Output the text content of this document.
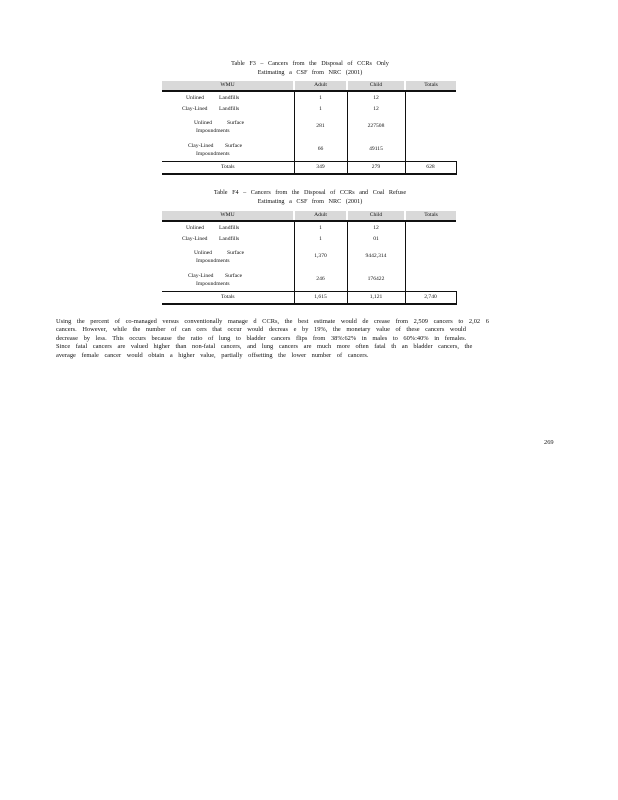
Table F3 – Cancers from the Disposal of CCRs Only
Estimating a CSF from NRC (2001)
WMU	Adult	Child	Totals
Unlined Landfills	1	12	
Clay-Lined Landfills	1	12	

Unlined Surface
Impoundments	281	227508	

Clay-Lined Surface
Impoundments	66	49115	
Totals	349	279	628
Table F4 – Cancers from the Disposal of CCRs and Coal Refuse
Estimating a CSF from NRC (2001)
WMU	Adult	Child	Totals
Unlined Landfills	1	12	
Clay-Lined Landfills	1	01	

Unlined Surface
Impoundments	1,370	9442,314	

Clay-Lined Surface
Impoundments	246	176422	
Totals	1,615	1,121	2,740
Using the percent of co-managed versus conventionally manage d CCRs, the best estimate would de crease from 2,509 cancers to 2,02 6
cancers. However, while the number of can cers that occur would decreas e by 19%, the monetary value of these cancers would
decrease by less. This occurs because the ratio of lung to bladder cancers flips from 38%:62% in males to 60%:40% in females.
Since fatal cancers are valued higher than non-fatal cancers, and lung cancers are much more often fatal th an bladder cancers, the
average female cancer would obtain a higher value, partially offsetting the lower number of cancers.
269
